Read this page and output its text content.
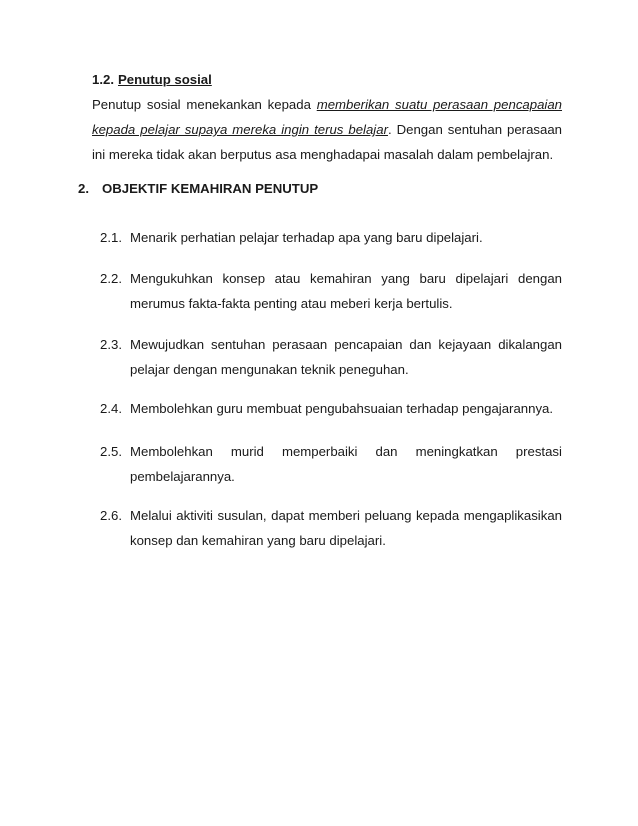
1.2. Penutup sosial
Penutup sosial menekankan kepada memberikan suatu perasaan pencapaian kepada pelajar supaya mereka ingin terus belajar. Dengan sentuhan perasaan ini mereka tidak akan berputus asa menghadapai masalah dalam pembelajran.
2. OBJEKTIF KEMAHIRAN PENUTUP
2.1. Menarik perhatian pelajar terhadap apa yang baru dipelajari.
2.2. Mengukuhkan konsep atau kemahiran yang baru dipelajari dengan merumus fakta-fakta penting atau meberi kerja bertulis.
2.3. Mewujudkan sentuhan perasaan pencapaian dan kejayaan dikalangan pelajar dengan mengunakan teknik peneguhan.
2.4. Membolehkan guru membuat pengubahsuaian terhadap pengajarannya.
2.5. Membolehkan murid memperbaiki dan meningkatkan prestasi
pembelajarannya.
2.6. Melalui aktiviti susulan, dapat memberi peluang kepada mengaplikasikan konsep dan kemahiran yang baru dipelajari.
